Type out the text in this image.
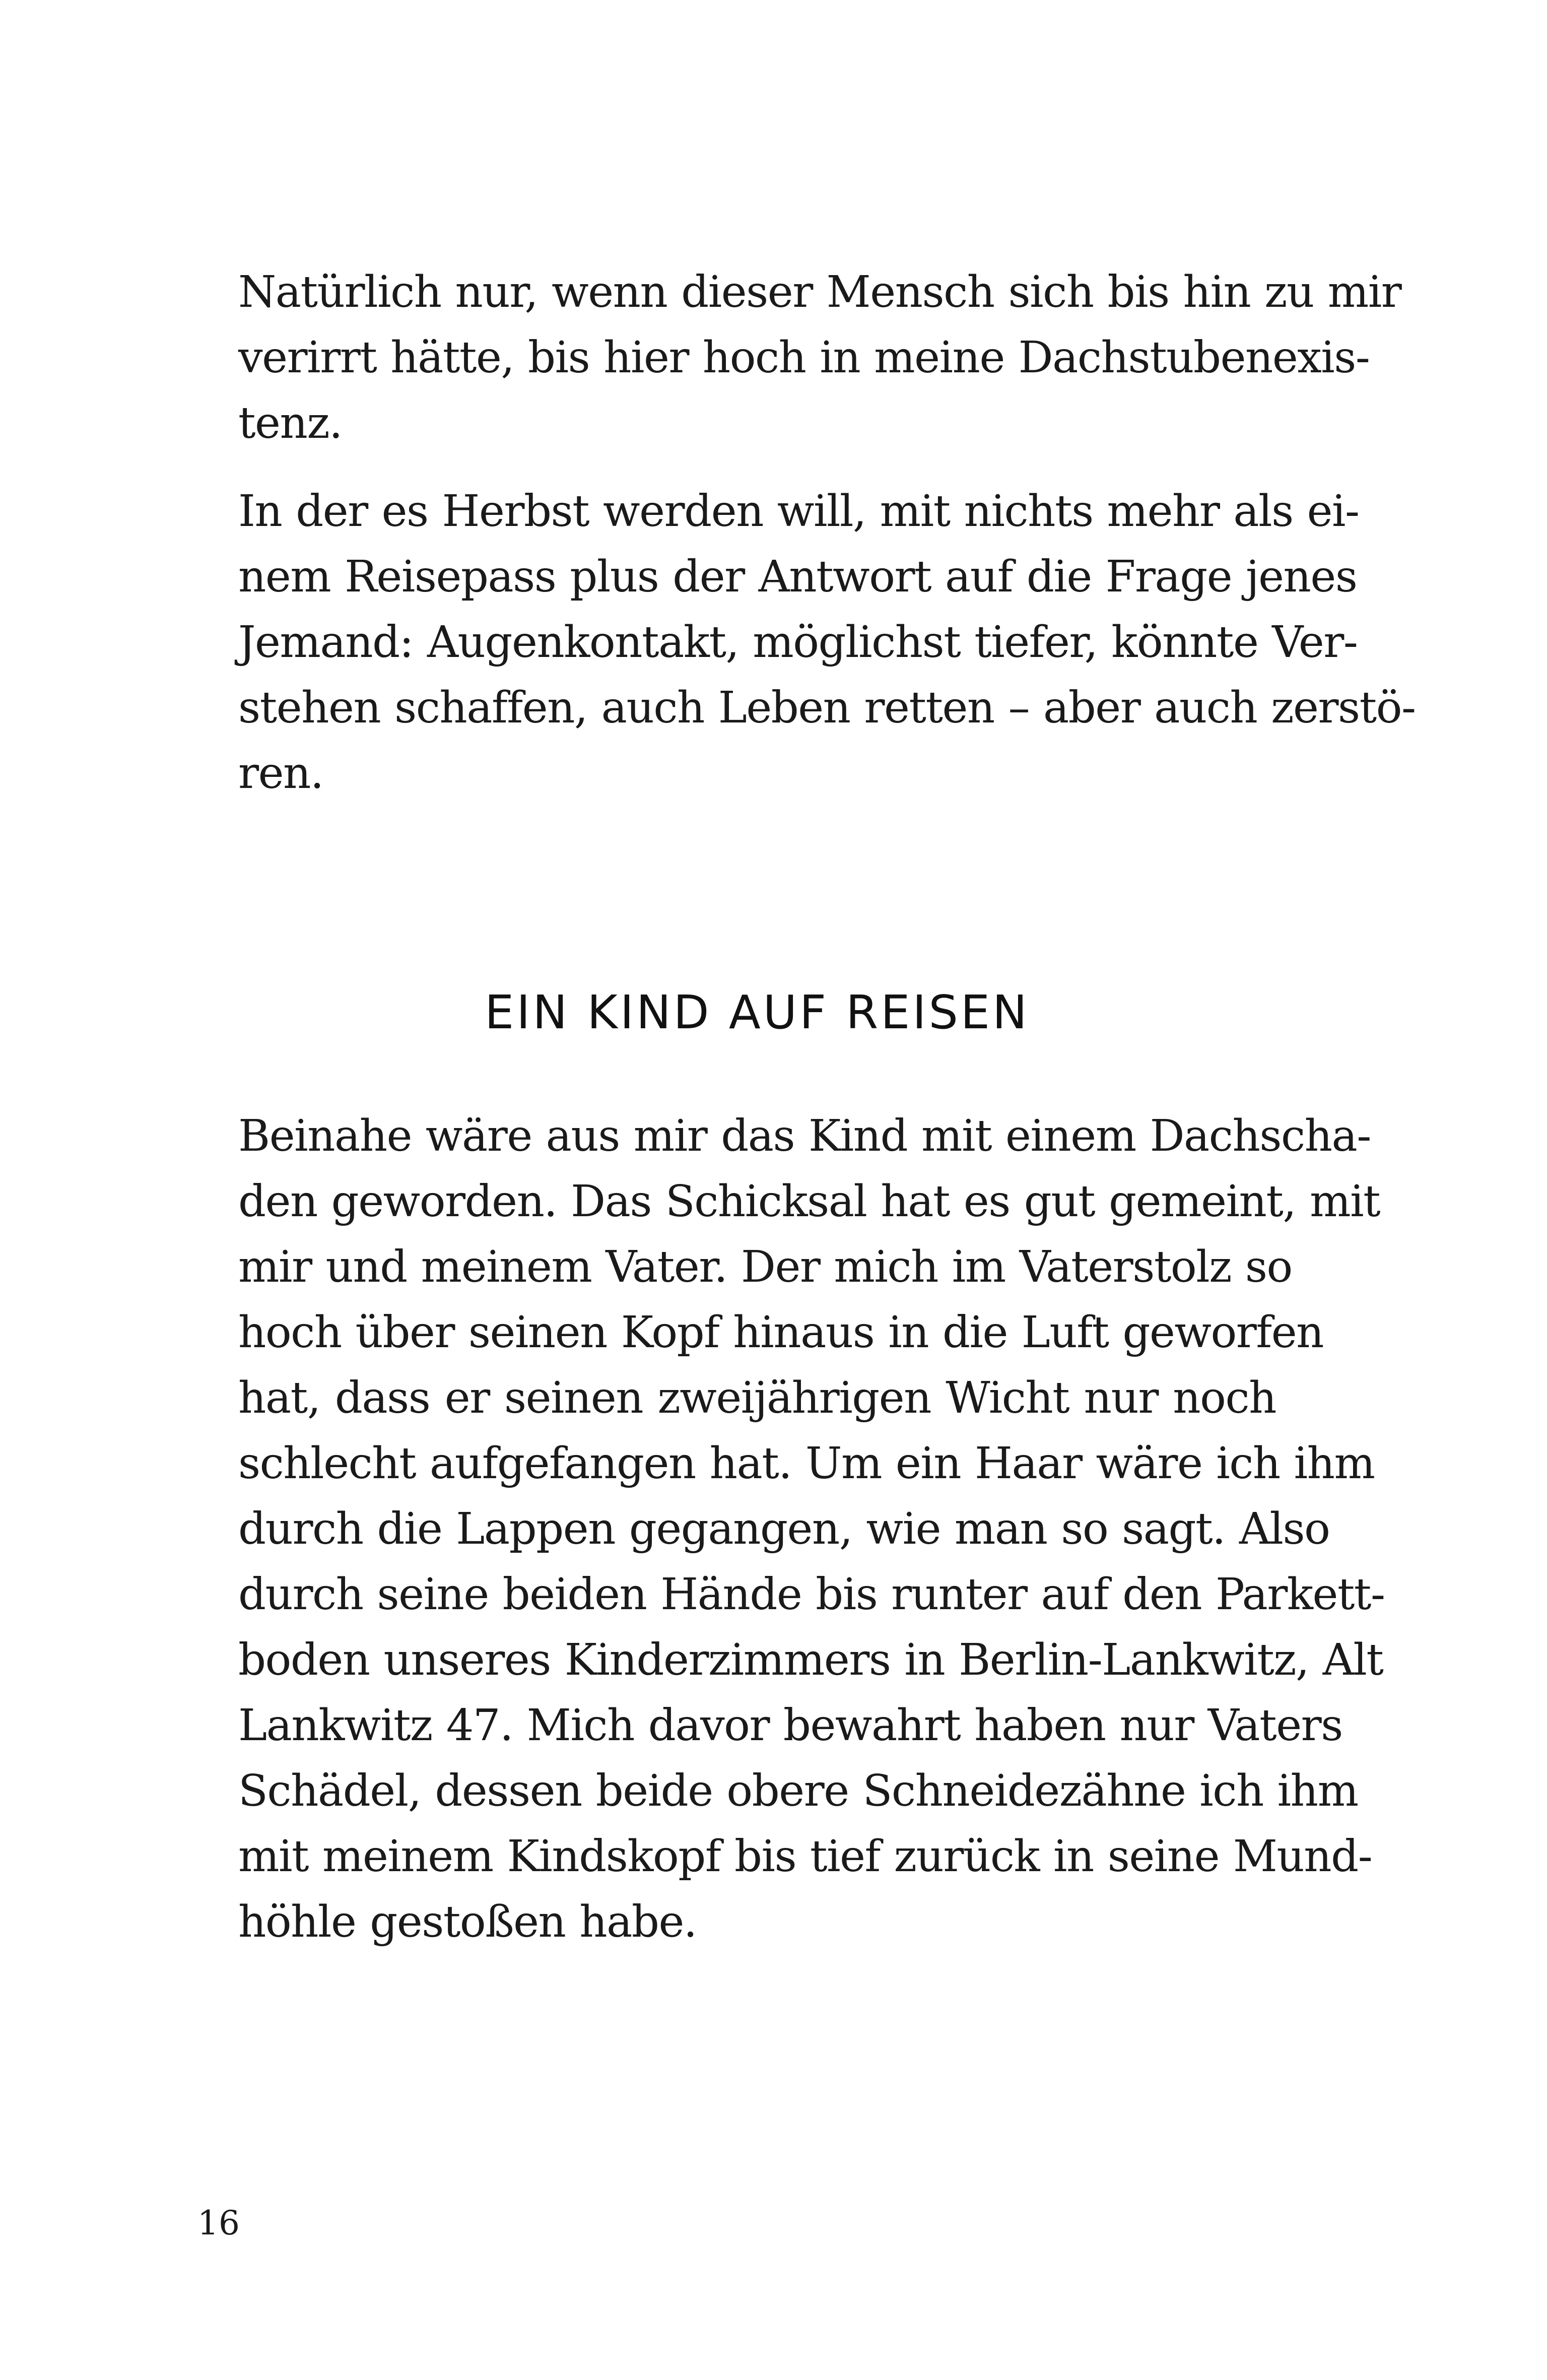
Natürlich nur, wenn dieser Mensch sich bis hin zu mir
verirrt hätte, bis hier hoch in meine Dachstubenexis-
tenz.
In der es Herbst werden will, mit nichts mehr als ei-
nem Reisepass plus der Antwort auf die Frage jenes
Jemand: Augenkontakt, möglichst tiefer, könnte Ver-
stehen schaffen, auch Leben retten – aber auch zerstö-
ren.
EIN KIND AUF REISEN
Beinahe wäre aus mir das Kind mit einem Dachscha-
den geworden. Das Schicksal hat es gut gemeint, mit
mir und meinem Vater. Der mich im Vaterstolz so
hoch über seinen Kopf hinaus in die Luft geworfen
hat, dass er seinen zweijährigen Wicht nur noch
schlecht aufgefangen hat. Um ein Haar wäre ich ihm
durch die Lappen gegangen, wie man so sagt. Also
durch seine beiden Hände bis runter auf den Parkett-
boden unseres Kinderzimmers in Berlin-Lankwitz, Alt
Lankwitz 47. Mich davor bewahrt haben nur Vaters
Schädel, dessen beide obere Schneidezähne ich ihm
mit meinem Kindskopf bis tief zurück in seine Mund-
höhle gestoßen habe.
16
